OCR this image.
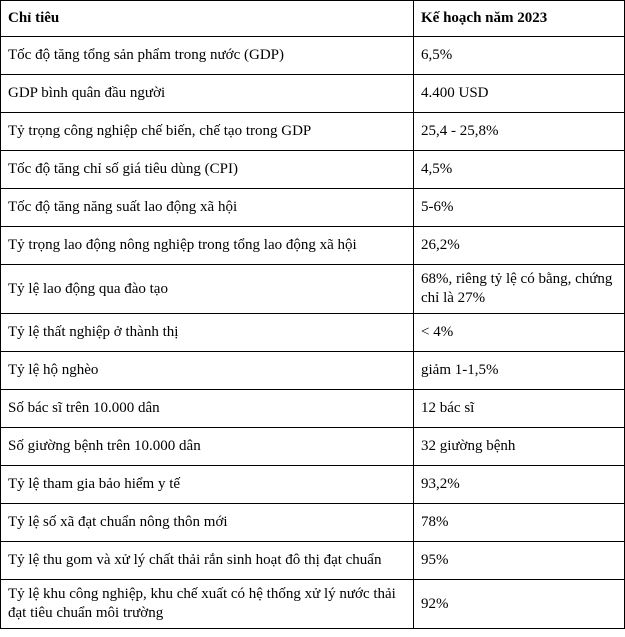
Chỉ tiêu	Kế hoạch năm 2023
Tốc độ tăng tổng sản phẩm trong nước (GDP)	6,5%
GDP bình quân đầu người	4.400 USD
Tỷ trọng công nghiệp chế biến, chế tạo trong GDP	25,4 - 25,8%
Tốc độ tăng chỉ số giá tiêu dùng (CPI)	4,5%
Tốc độ tăng năng suất lao động xã hội	5-6%
Tỷ trọng lao động nông nghiệp trong tổng lao động xã hội	26,2%
Tỷ lệ lao động qua đào tạo	68%, riêng tỷ lệ có bằng, chứng chỉ là 27%
Tỷ lệ thất nghiệp ở thành thị	< 4%
Tỷ lệ hộ nghèo	giảm 1-1,5%
Số bác sĩ trên 10.000 dân	12 bác sĩ
Số giường bệnh trên 10.000 dân	32 giường bệnh
Tỷ lệ tham gia bảo hiểm y tế	93,2%
Tỷ lệ số xã đạt chuẩn nông thôn mới	78%
Tỷ lệ thu gom và xử lý chất thải rắn sinh hoạt đô thị đạt chuẩn	95%
Tỷ lệ khu công nghiệp, khu chế xuất có hệ thống xử lý nước thải đạt tiêu chuẩn môi trường	92%
